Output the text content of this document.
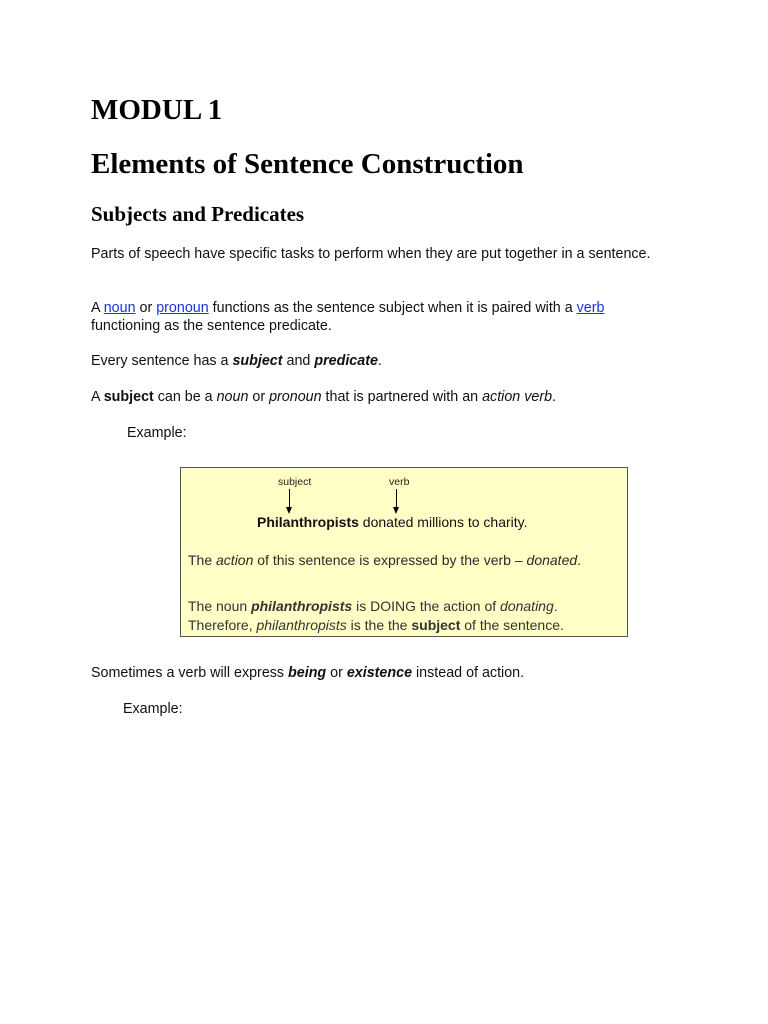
MODUL 1
Elements of Sentence Construction
Subjects and Predicates

Parts of speech have specific tasks to perform when they are put together in a sentence.

A noun or pronoun functions as the sentence subject when it is paired with a verb functioning as the sentence predicate.

Every sentence has a subject and predicate.

A subject can be a noun or pronoun that is partnered with an action verb.

Example:

subject	verb
Philanthropists donated millions to charity.
The action of this sentence is expressed by the verb – donated.
The noun philanthropists is DOING the action of donating.
Therefore, philanthropists is the the subject of the sentence.

Sometimes a verb will express being or existence instead of action.

Example:
